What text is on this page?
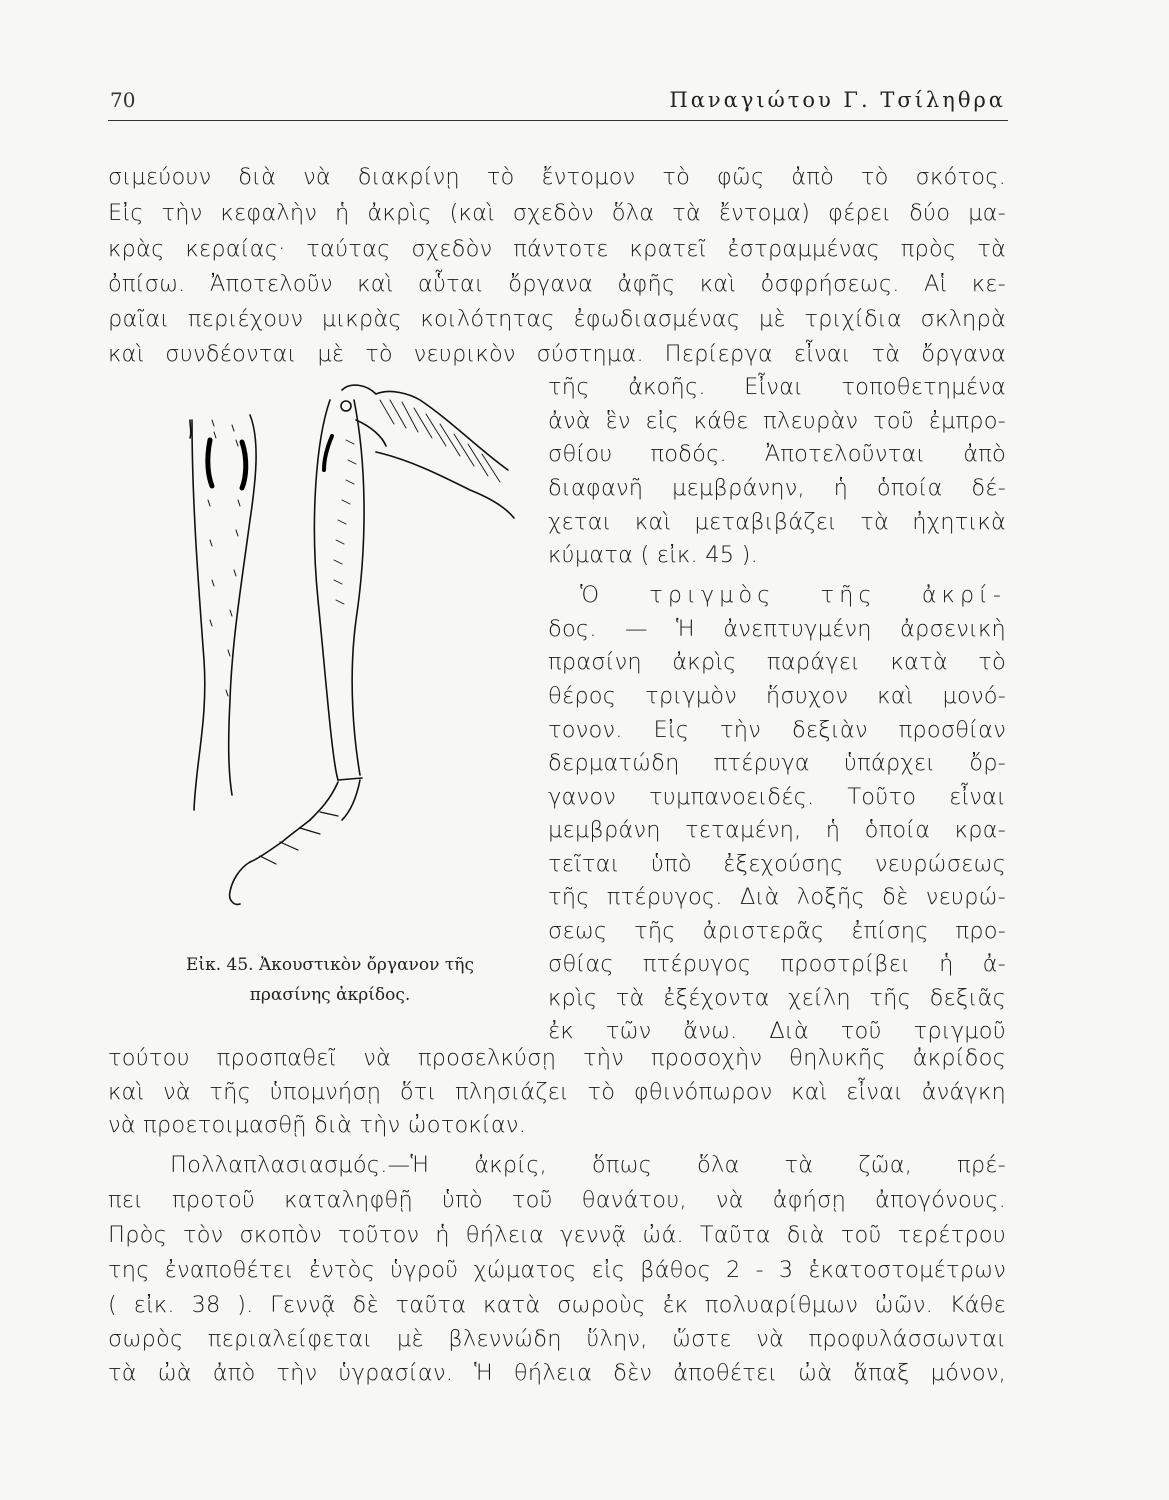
70	Παναγιώτου Γ. Τσίληθρα
σιμεύουν διὰ νὰ διακρίνῃ τὸ ἔντομον τὸ φῶς ἀπὸ τὸ σκότος.
Εἰς τὴν κεφαλὴν ἡ ἀκρὶς (καὶ σχεδὸν ὅλα τὰ ἔντομα) φέρει δύο μα-
κρὰς κεραίας· ταύτας σχεδὸν πάντοτε κρατεῖ ἐστραμμένας πρὸς τὰ
ὀπίσω. Ἀποτελοῦν καὶ αὗται ὄργανα ἀφῆς καὶ ὀσφρήσεως. Αἱ κε-
ραῖαι περιέχουν μικρὰς κοιλότητας ἐφωδιασμένας μὲ τριχίδια σκληρὰ
καὶ συνδέονται μὲ τὸ νευρικὸν σύστημα. Περίεργα εἶναι τὰ ὄργανα
τῆς ἀκοῆς. Εἶναι τοποθετημένα
ἀνὰ ἓν εἰς κάθε πλευρὰν τοῦ ἐμπρο-
σθίου ποδός. Ἀποτελοῦνται ἀπὸ
διαφανῆ μεμβράνην, ἡ ὁποία δέ-
χεται καὶ μεταβιβάζει τὰ ἠχητικὰ
κύματα ( εἰκ. 45 ).
Ὁ τριγμὸς τῆς ἀκρί-
δος. — Ἡ ἀνεπτυγμένη ἀρσενικὴ
πρασίνη ἀκρὶς παράγει κατὰ τὸ
θέρος τριγμὸν ἥσυχον καὶ μονό-
τονον. Εἰς τὴν δεξιὰν προσθίαν
δερματώδη πτέρυγα ὑπάρχει ὄρ-
γανον τυμπανοειδές. Τοῦτο εἶναι
μεμβράνη τεταμένη, ἡ ὁποία κρα-
τεῖται ὑπὸ ἐξεχούσης νευρώσεως
τῆς πτέρυγος. Διὰ λοξῆς δὲ νευρώ-
σεως τῆς ἀριστερᾶς ἐπίσης προ-
σθίας πτέρυγος προστρίβει ἡ ἀ-
κρὶς τὰ ἐξέχοντα χείλη τῆς δεξιᾶς
ἐκ τῶν ἄνω. Διὰ τοῦ τριγμοῦ
Εἰκ. 45. Ἀκουστικὸν ὄργανον τῆς
πρασίνης ἀκρίδος.
τούτου προσπαθεῖ νὰ προσελκύσῃ τὴν προσοχὴν θηλυκῆς ἀκρίδος
καὶ νὰ τῆς ὑπομνήσῃ ὅτι πλησιάζει τὸ φθινόπωρον καὶ εἶναι ἀνάγκη
νὰ προετοιμασθῇ διὰ τὴν ὠοτοκίαν.
Πολλαπλασιασμός.—Ἡ ἀκρίς, ὅπως ὅλα τὰ ζῶα, πρέ-
πει προτοῦ καταληφθῇ ὑπὸ τοῦ θανάτου, νὰ ἀφήσῃ ἀπογόνους.
Πρὸς τὸν σκοπὸν τοῦτον ἡ θήλεια γεννᾷ ὠά. Ταῦτα διὰ τοῦ τερέτρου
της ἐναποθέτει ἐντὸς ὑγροῦ χώματος εἰς βάθος 2 - 3 ἑκατοστομέτρων
( εἰκ. 38 ). Γεννᾷ δὲ ταῦτα κατὰ σωροὺς ἐκ πολυαρίθμων ὠῶν. Κάθε
σωρὸς περιαλείφεται μὲ βλεννώδη ὕλην, ὥστε νὰ προφυλάσσωνται
τὰ ὠὰ ἀπὸ τὴν ὑγρασίαν. Ἡ θήλεια δὲν ἀποθέτει ὠὰ ἅπαξ μόνον,
